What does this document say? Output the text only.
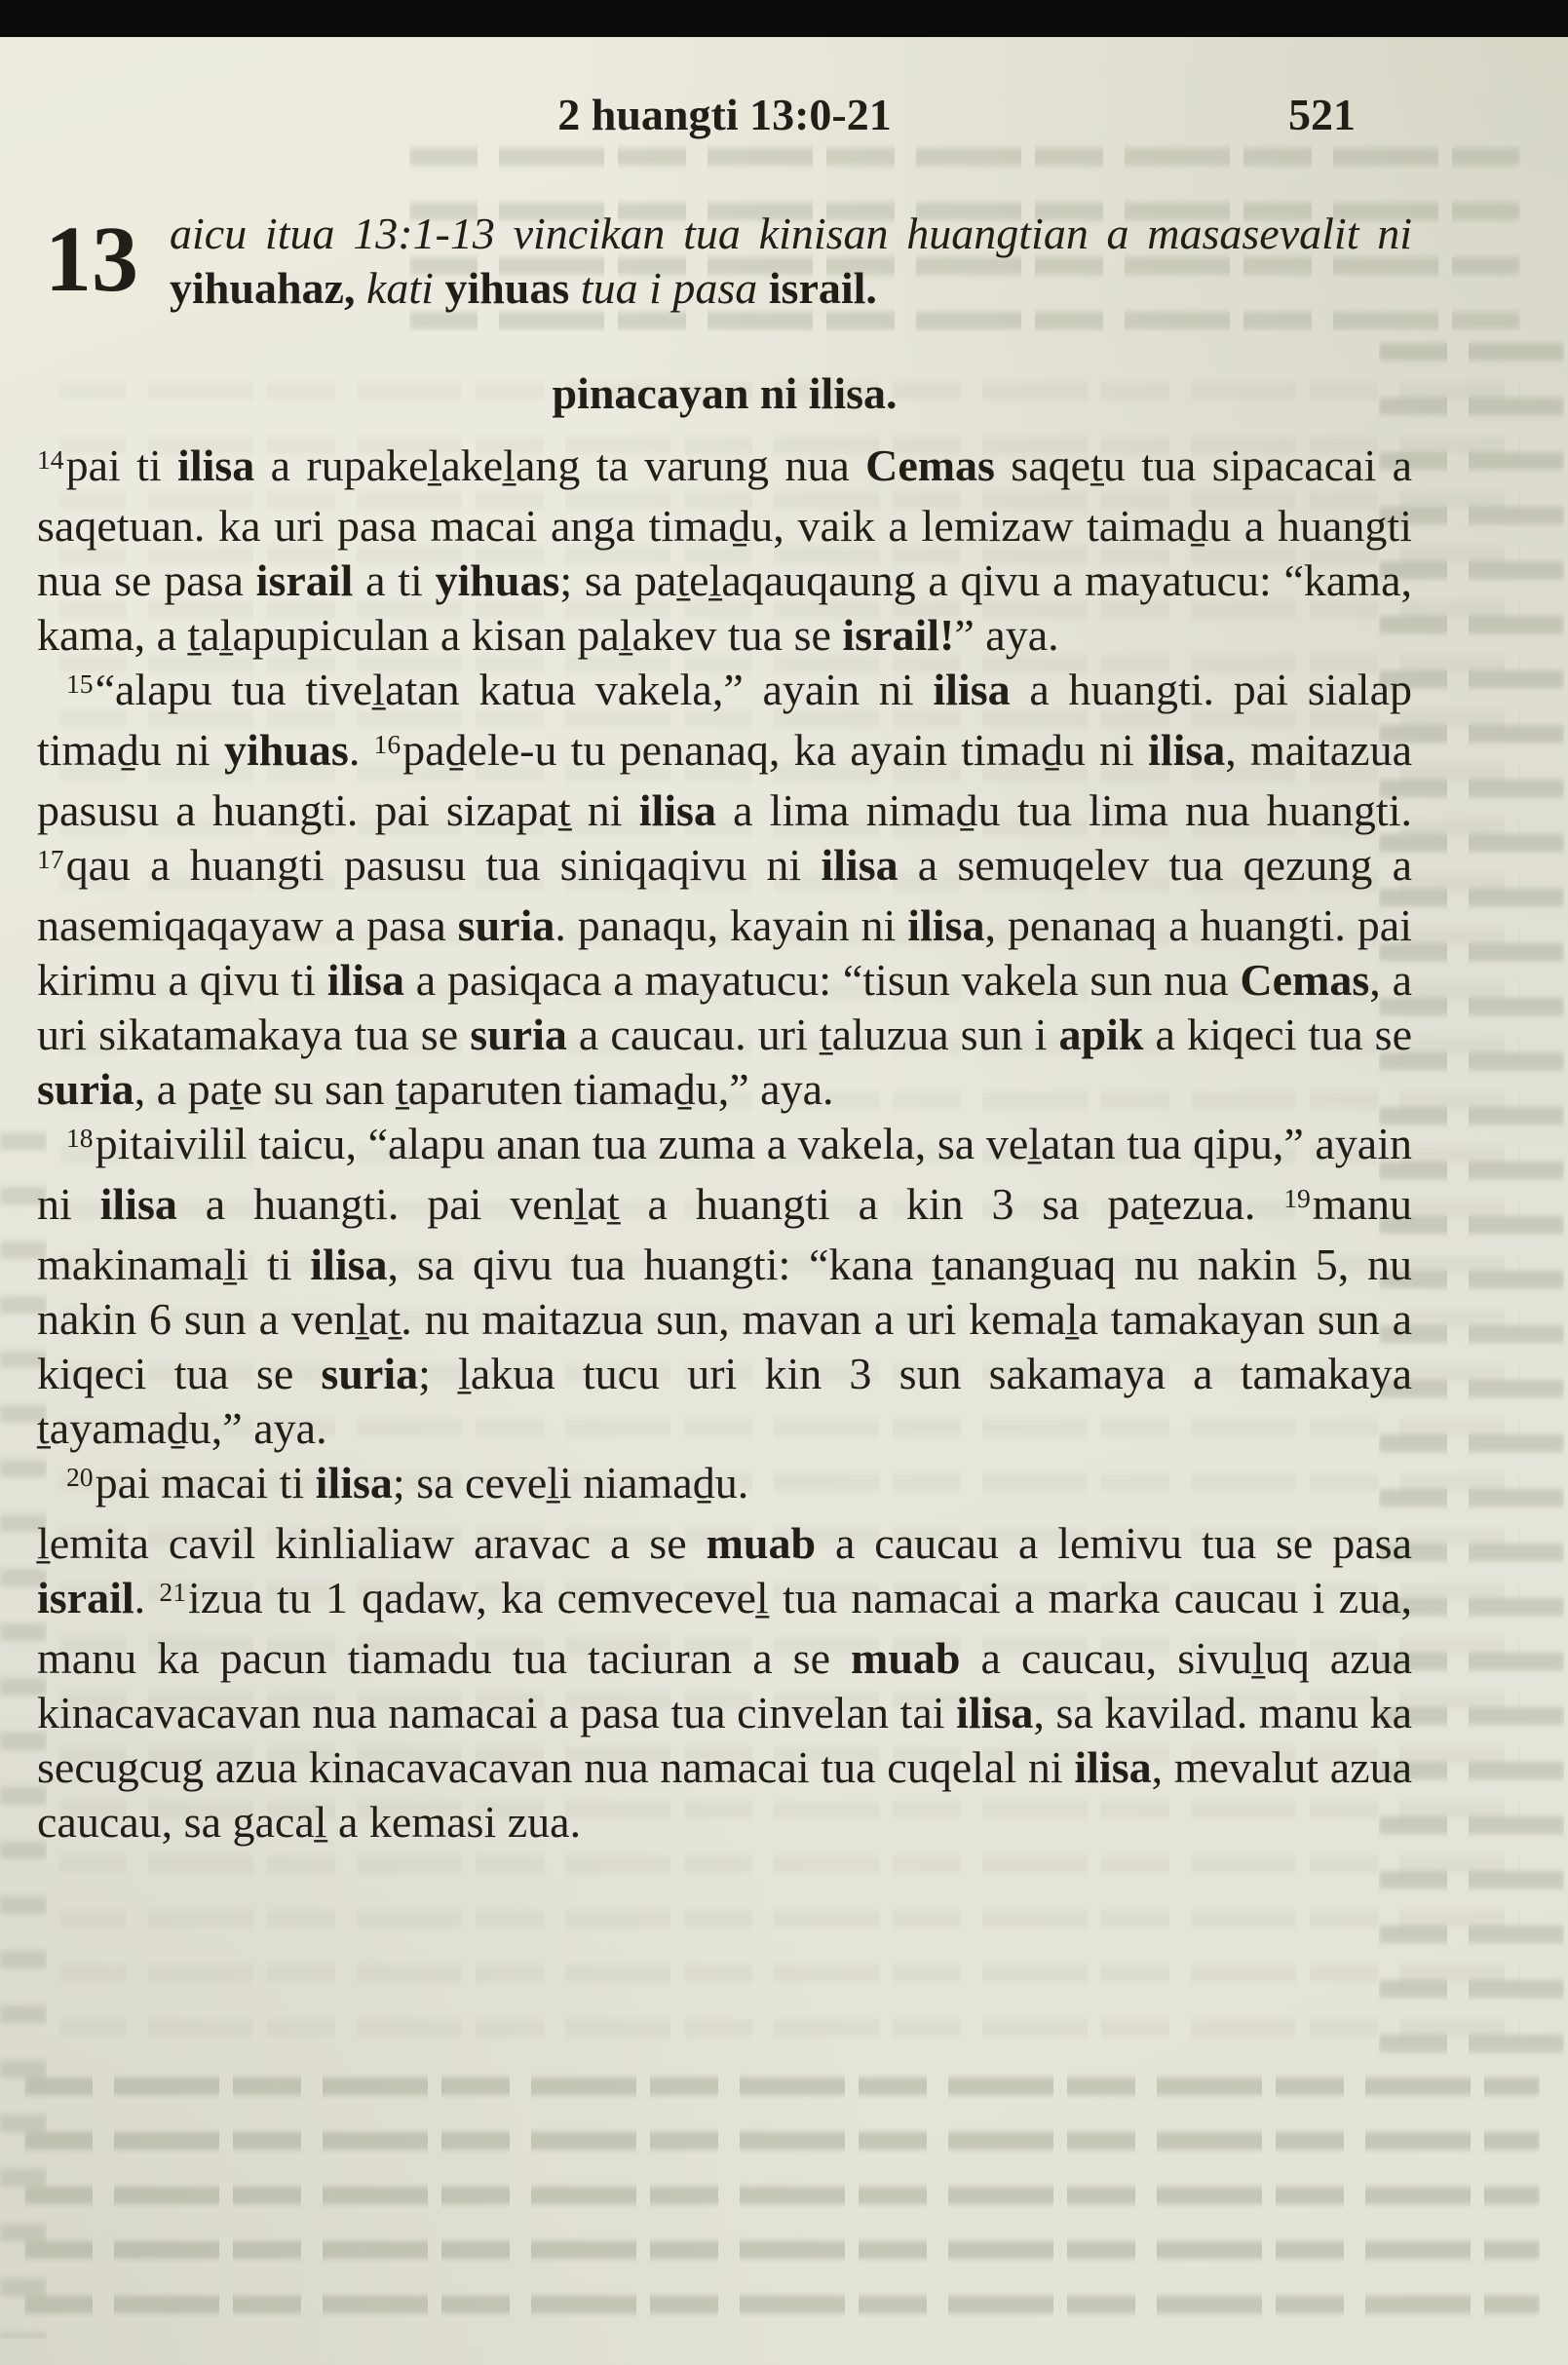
2 huangti 13:0-21	521
13 aicu itua 13:1-13 vincikan tua kinisan huangtian a masasevalit ni yihuahaz, kati yihuas tua i pasa israil.

pinacayan ni ilisa.

$^{14}$pai ti ilisa a rupakeḻakeḻang ta varung nua Cemas saqeṯu tua sipacacai a saqetuan. ka uri pasa macai anga timaḏu, vaik a lemizaw taimaḏu a huangti nua se pasa israil a ti yihuas; sa paṯeḻaqauqaung a qivu a mayatucu: “kama, kama, a ṯaḻapupiculan a kisan paḻakev tua se israil!” aya.

$^{15}$“alapu tua tiveḻatan katua vakela,” ayain ni ilisa a huangti. pai sialap timaḏu ni yihuas. $^{16}$paḏele-u tu penanaq, ka ayain timaḏu ni ilisa, maitazua pasusu a huangti. pai sizapaṯ ni ilisa a lima nimaḏu tua lima nua huangti. $^{17}$qau a huangti pasusu tua siniqaqivu ni ilisa a semuqelev tua qezung a nasemiqaqayaw a pasa suria. panaqu, kayain ni ilisa, penanaq a huangti. pai kirimu a qivu ti ilisa a pasiqaca a mayatucu: “tisun vakela sun nua Cemas, a uri sikatamakaya tua se suria a caucau. uri ṯaluzua sun i apik a kiqeci tua se suria, a paṯe su san ṯaparuten tiamaḏu,” aya.

$^{18}$pitaivilil taicu, “alapu anan tua zuma a vakela, sa veḻatan tua qipu,” ayain ni ilisa a huangti. pai venḻaṯ a huangti a kin 3 sa paṯezua. $^{19}$manu makinamaḻi ti ilisa, sa qivu tua huangti: “kana ṯananguaq nu nakin 5, nu nakin 6 sun a venḻaṯ. nu maitazua sun, mavan a uri kemaḻa tamakayan sun a kiqeci tua se suria; ḻakua tucu uri kin 3 sun sakamaya a tamakaya ṯayamaḏu,” aya.

$^{20}$pai macai ti ilisa; sa ceveḻi niamaḏu.

ḻemita cavil kinlialiaw aravac a se muab a caucau a lemivu tua se pasa israil. $^{21}$izua tu 1 qadaw, ka cemveceveḻ tua namacai a marka caucau i zua, manu ka pacun tiamadu tua taciuran a se muab a caucau, sivuḻuq azua kinacavacavan nua namacai a pasa tua cinvelan tai ilisa, sa kavilad. manu ka secugcug azua kinacavacavan nua namacai tua cuqelal ni ilisa, mevalut azua caucau, sa gacaḻ a kemasi zua.
